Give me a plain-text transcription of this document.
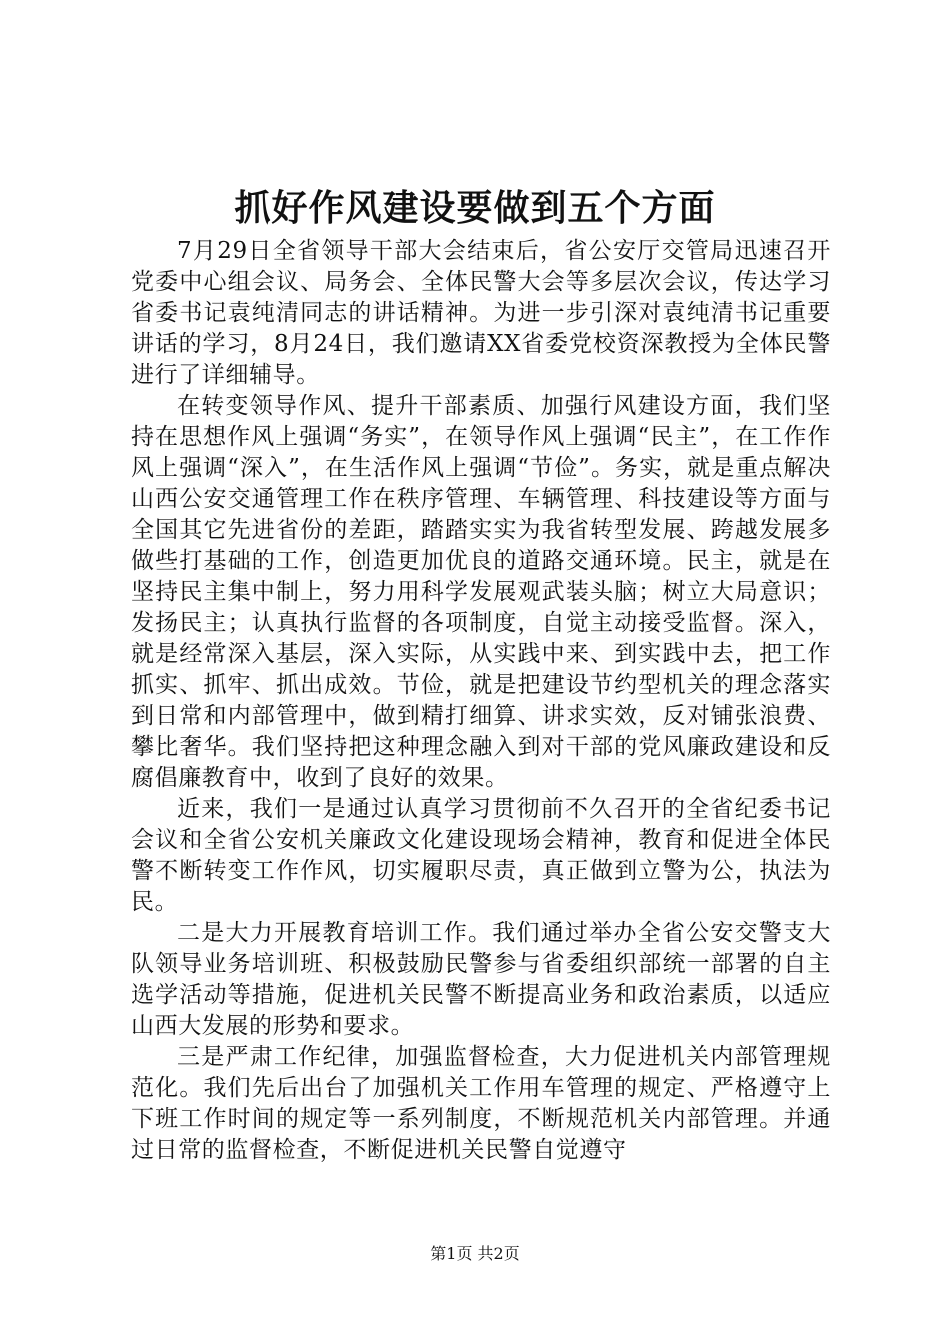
抓好作风建设要做到五个方面

7月29日全省领导干部大会结束后，省公安厅交管局迅速召开党委中心组会议、局务会、全体民警大会等多层次会议，传达学习省委书记袁纯清同志的讲话精神。为进一步引深对袁纯清书记重要讲话的学习，8月24日，我们邀请XX省委党校资深教授为全体民警进行了详细辅导。

在转变领导作风、提升干部素质、加强行风建设方面，我们坚持在思想作风上强调“务实”，在领导作风上强调“民主”，在工作作风上强调“深入”，在生活作风上强调“节俭”。务实，就是重点解决山西公安交通管理工作在秩序管理、车辆管理、科技建设等方面与全国其它先进省份的差距，踏踏实实为我省转型发展、跨越发展多做些打基础的工作，创造更加优良的道路交通环境。民主，就是在坚持民主集中制上，努力用科学发展观武装头脑；树立大局意识；发扬民主；认真执行监督的各项制度，自觉主动接受监督。深入，就是经常深入基层，深入实际，从实践中来、到实践中去，把工作抓实、抓牢、抓出成效。节俭，就是把建设节约型机关的理念落实到日常和内部管理中，做到精打细算、讲求实效，反对铺张浪费、攀比奢华。我们坚持把这种理念融入到对干部的党风廉政建设和反腐倡廉教育中，收到了良好的效果。

近来，我们一是通过认真学习贯彻前不久召开的全省纪委书记会议和全省公安机关廉政文化建设现场会精神，教育和促进全体民警不断转变工作作风，切实履职尽责，真正做到立警为公，执法为民。

二是大力开展教育培训工作。我们通过举办全省公安交警支大队领导业务培训班、积极鼓励民警参与省委组织部统一部署的自主选学活动等措施，促进机关民警不断提高业务和政治素质，以适应山西大发展的形势和要求。

三是严肃工作纪律，加强监督检查，大力促进机关内部管理规范化。我们先后出台了加强机关工作用车管理的规定、严格遵守上下班工作时间的规定等一系列制度，不断规范机关内部管理。并通过日常的监督检查，不断促进机关民警自觉遵守

第1页 共2页
